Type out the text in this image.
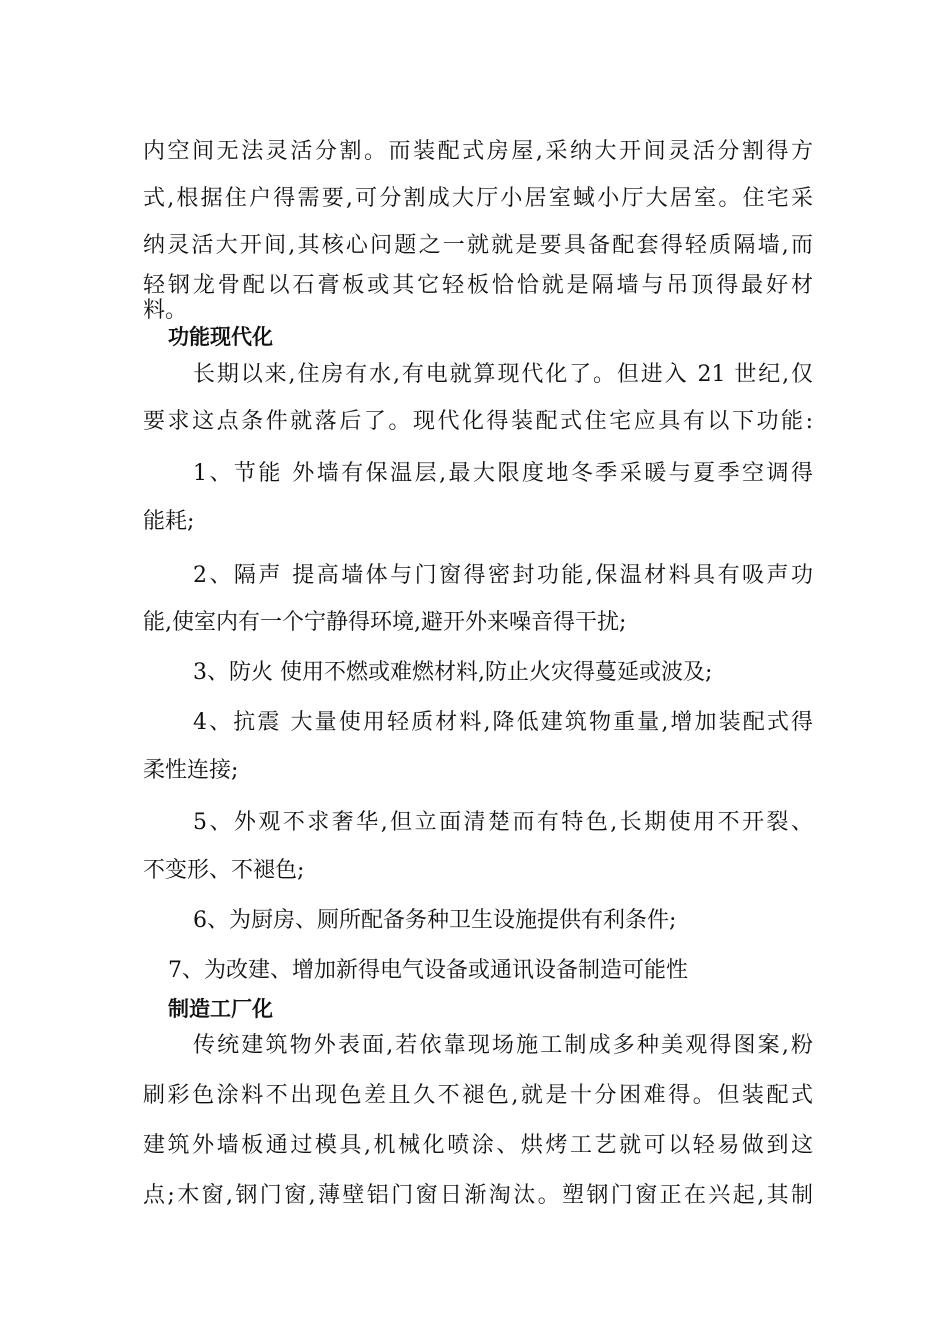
内空间无法灵活分割。而装配式房屋,采纳大开间灵活分割得方
式,根据住户得需要,可分割成大厅小居室蜮小厅大居室。住宅采
纳灵活大开间,其核心问题之一就就是要具备配套得轻质隔墙,而
轻钢龙骨配以石膏板或其它轻板恰恰就是隔墙与吊顶得最好材
料。
功能现代化
长期以来,住房有水,有电就算现代化了。但进入 21 世纪,仅
要求这点条件就落后了。现代化得装配式住宅应具有以下功能:
1、节能 外墙有保温层,最大限度地冬季采暖与夏季空调得
能耗;
2、隔声 提高墙体与门窗得密封功能,保温材料具有吸声功
能,使室内有一个宁静得环境,避开外来噪音得干扰;
3、防火 使用不燃或难燃材料,防止火灾得蔓延或波及;
4、抗震 大量使用轻质材料,降低建筑物重量,增加装配式得
柔性连接;
5、外观不求奢华,但立面清楚而有特色,长期使用不开裂、
不变形、不褪色;
6、为厨房、厕所配备务种卫生设施提供有利条件;
7、为改建、增加新得电气设备或通讯设备制造可能性
制造工厂化
传统建筑物外表面,若依靠现场施工制成多种美观得图案,粉
刷彩色涂料不出现色差且久不褪色,就是十分困难得。但装配式
建筑外墙板通过模具,机械化喷涂、烘烤工艺就可以轻易做到这
点;木窗,钢门窗,薄壁铝门窗日渐淘汰。塑钢门窗正在兴起,其制
